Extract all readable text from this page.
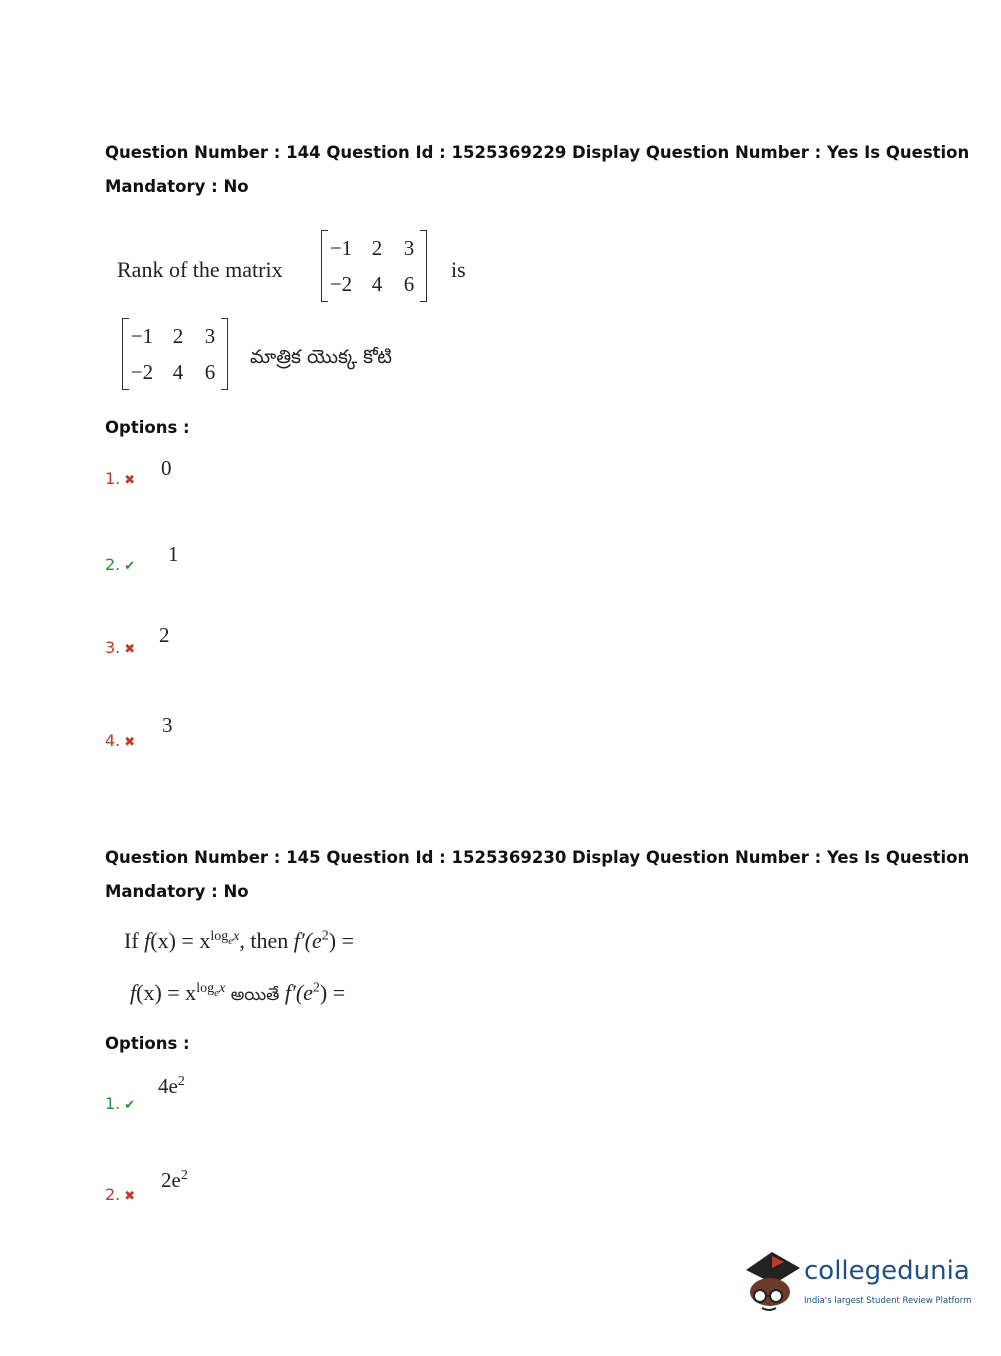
Question Number : 144 Question Id : 1525369229 Display Question Number : Yes Is Question
Mandatory : No
Rank of the matrix
−1 2 3
−2 4 6
is
−1 2 3
−2 4 6
మాత్రిక యొక్క కోటి
Options :
1. ✖
0
2. ✔
1
3. ✖
2
4. ✖
3
Question Number : 145 Question Id : 1525369230 Display Question Number : Yes Is Question
Mandatory : No
If $f(x) = x^{log_ex}$, then $f'(e^2)$ =
$f(x) = x^{log_ex}$ అయితే $f'(e^2)$ =
Options :
1. ✔
$4e^2$
2. ✖
$2e^2$
collegedunia
India's largest Student Review Platform
